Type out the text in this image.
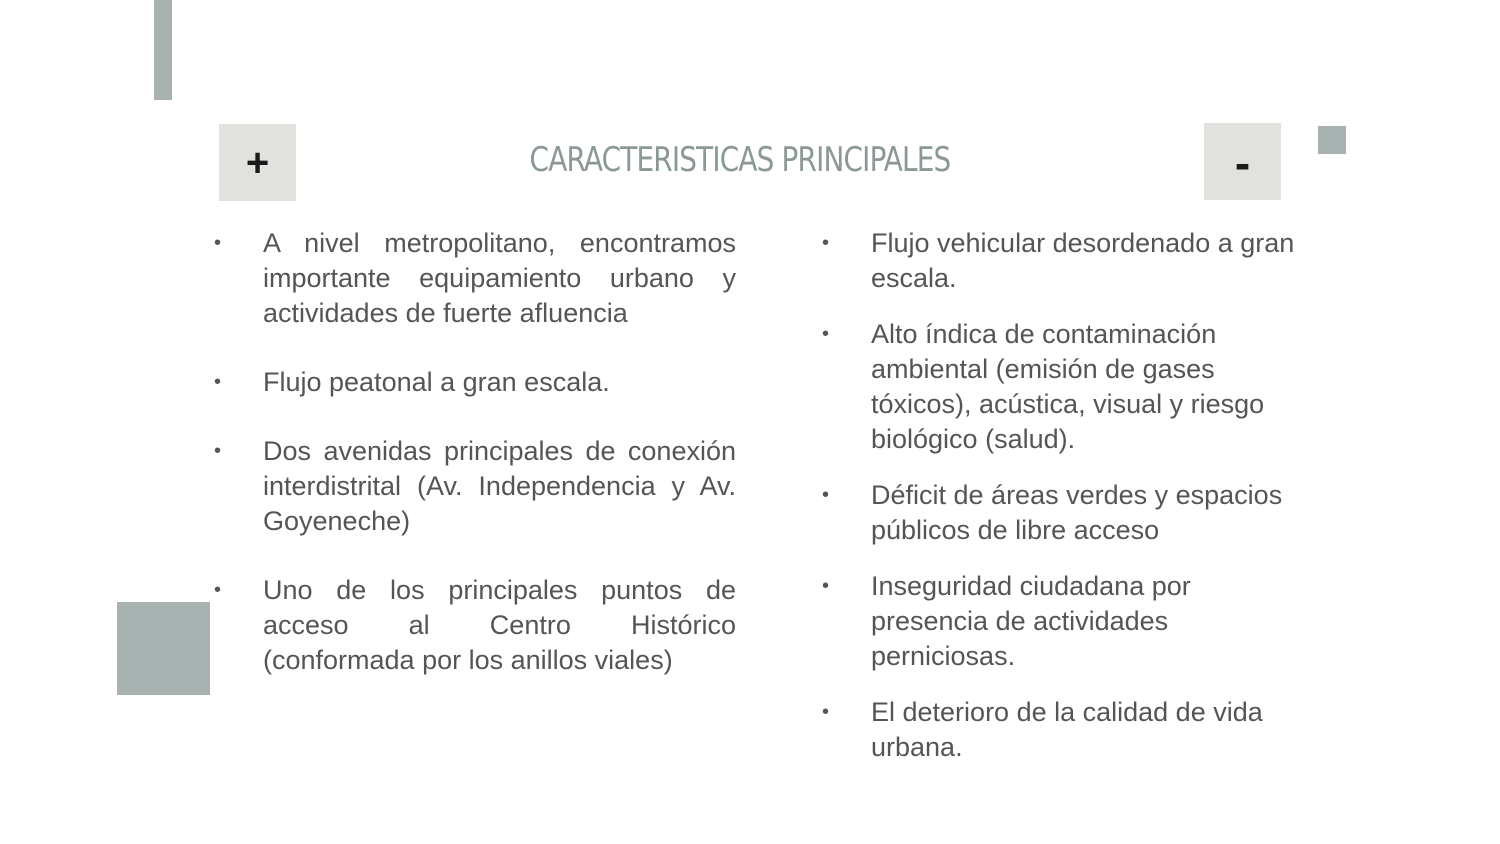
+	CARACTERISTICAS PRINCIPALES	-
• A nivel metropolitano, encontramos importante equipamiento urbano y actividades de fuerte afluencia
• Flujo peatonal a gran escala.
• Dos avenidas principales de conexión interdistrital (Av. Independencia y Av. Goyeneche)
• Uno de los principales puntos de acceso al Centro Histórico (conformada por los anillos viales)
• Flujo vehicular desordenado a gran escala.
• Alto índica de contaminación ambiental (emisión de gases tóxicos), acústica, visual y riesgo biológico (salud).
• Déficit de áreas verdes y espacios públicos de libre acceso
• Inseguridad ciudadana por presencia de actividades perniciosas.
• El deterioro de la calidad de vida urbana.
